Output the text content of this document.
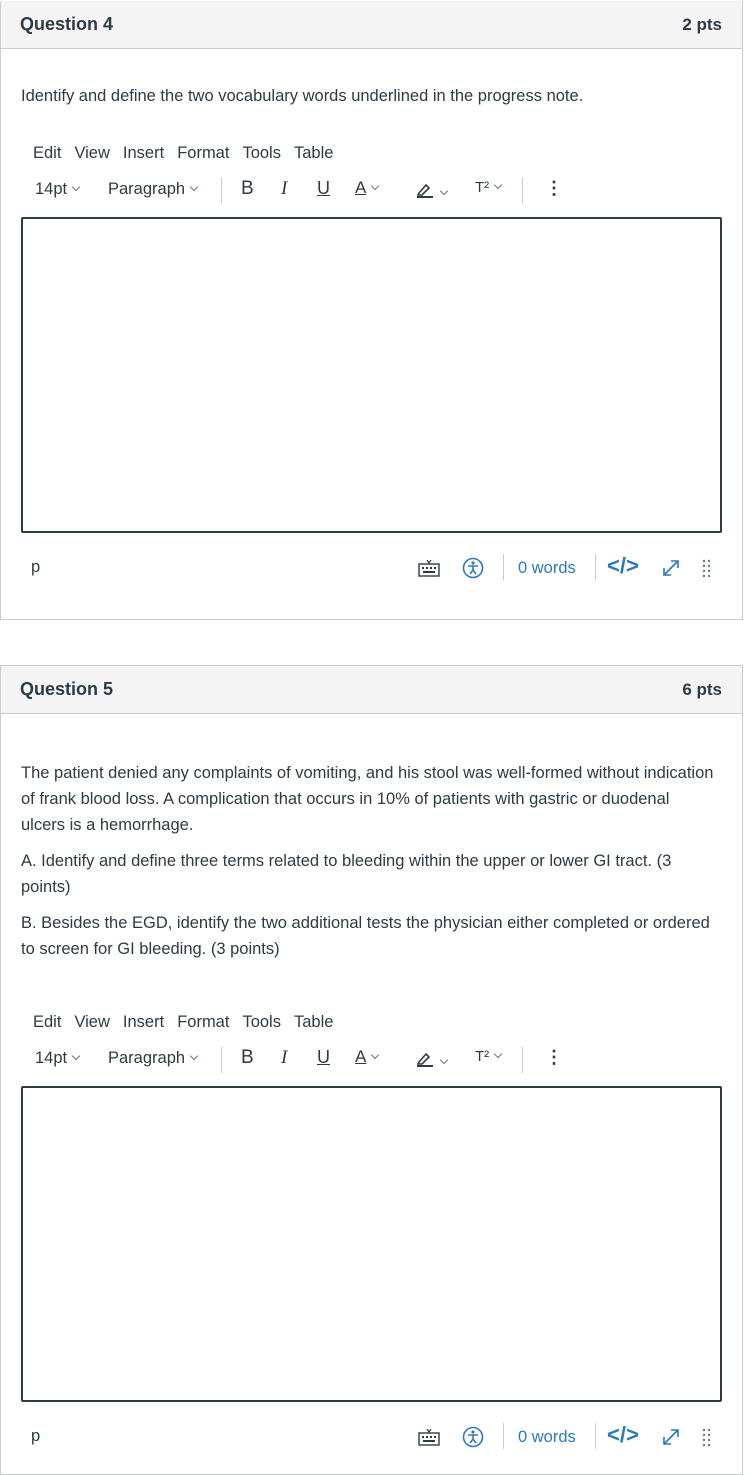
Question 4	2 pts

Identify and define the two vocabulary words underlined in the progress note.

Edit View Insert Format Tools Table
14pt	Paragraph	B I U A	T²	⋮
p	0 words </>
Question 5	6 pts

The patient denied any complaints of vomiting, and his stool was well-formed without indication of frank blood loss. A complication that occurs in 10% of patients with gastric or duodenal ulcers is a hemorrhage.

A. Identify and define three terms related to bleeding within the upper or lower GI tract. (3 points)

B. Besides the EGD, identify the two additional tests the physician either completed or ordered to screen for GI bleeding. (3 points)

Edit View Insert Format Tools Table
14pt	Paragraph	B I U A	T²	⋮
p	0 words </>
